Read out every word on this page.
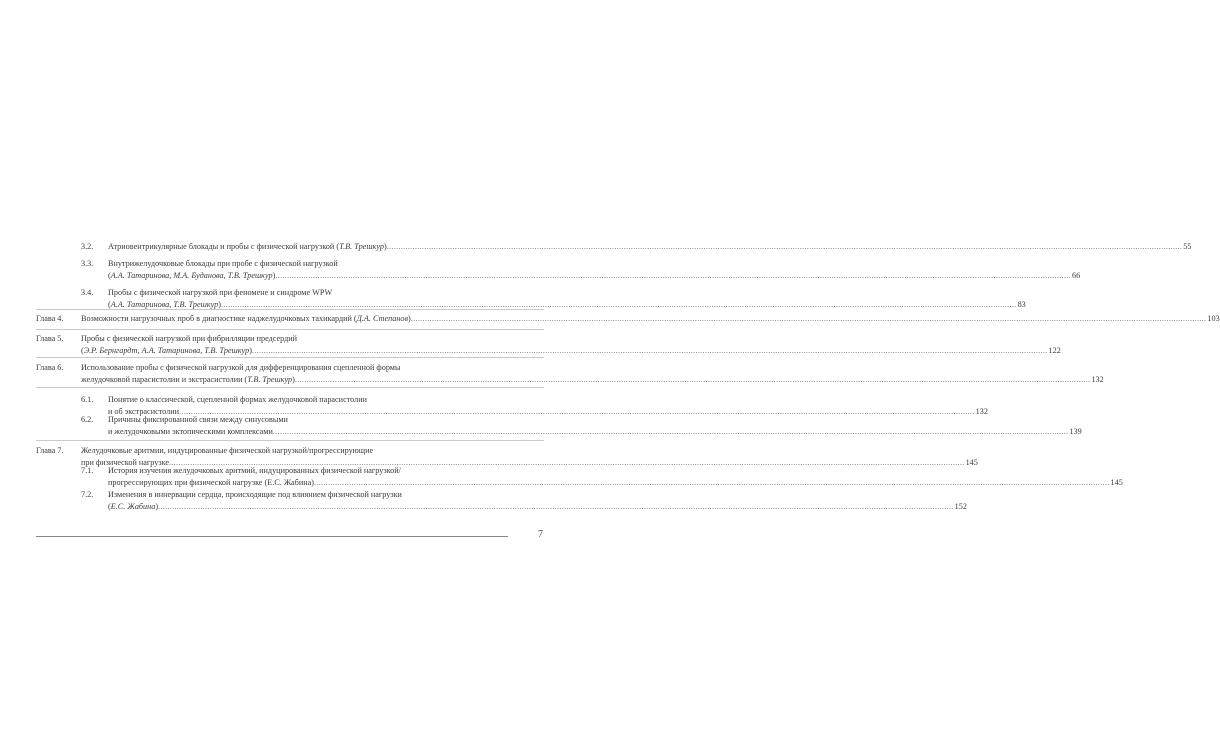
3.2.	Атриовентрикулярные блокады и пробы с физической нагрузкой (Т.В. Трешкур) .....	55
3.3.	Внутрижелудочковые блокады при пробе с физической нагрузкой
(А.А. Татаринова, М.А. Буданова, Т.В. Трешкур) .....	66
3.4.	Пробы с физической нагрузкой при феномене и синдроме WPW
(А.А. Татаринова, Т.В. Трешкур) .....	83
Глава 4.	Возможности нагрузочных проб в диагностике наджелудочковых тахикардий (Д.А. Степанов) .....	103
Глава 5.	Пробы с физической нагрузкой при фибрилляции предсердий
(Э.Р. Бернгардт, А.А. Татаринова, Т.В. Трешкур) .....	122
Глава 6.	Использование пробы с физической нагрузкой для дифференцирования сцепленной формы
желудочковой парасистолии и экстрасистолии (Т.В. Трешкур) .....	132
6.1.	Понятие о классической, сцепленной формах желудочковой парасистолии
и об экстрасистолии .....	132
6.2.	Причины фиксированной связи между синусовыми
и желудочковыми эктопическими комплексами .....	139
Глава 7.	Желудочковые аритмии, индуцированные физической нагрузкой/прогрессирующие
при физической нагрузке .....	145
7.1.	История изучения желудочковых аритмий, индуцированных физической нагрузкой/
прогрессирующих при физической нагрузке (Е.С. Жабина) .....	145
7.2.	Изменения в иннервации сердца, происходящие под влиянием физической нагрузки
(Е.С. Жабина) .....	152
7
